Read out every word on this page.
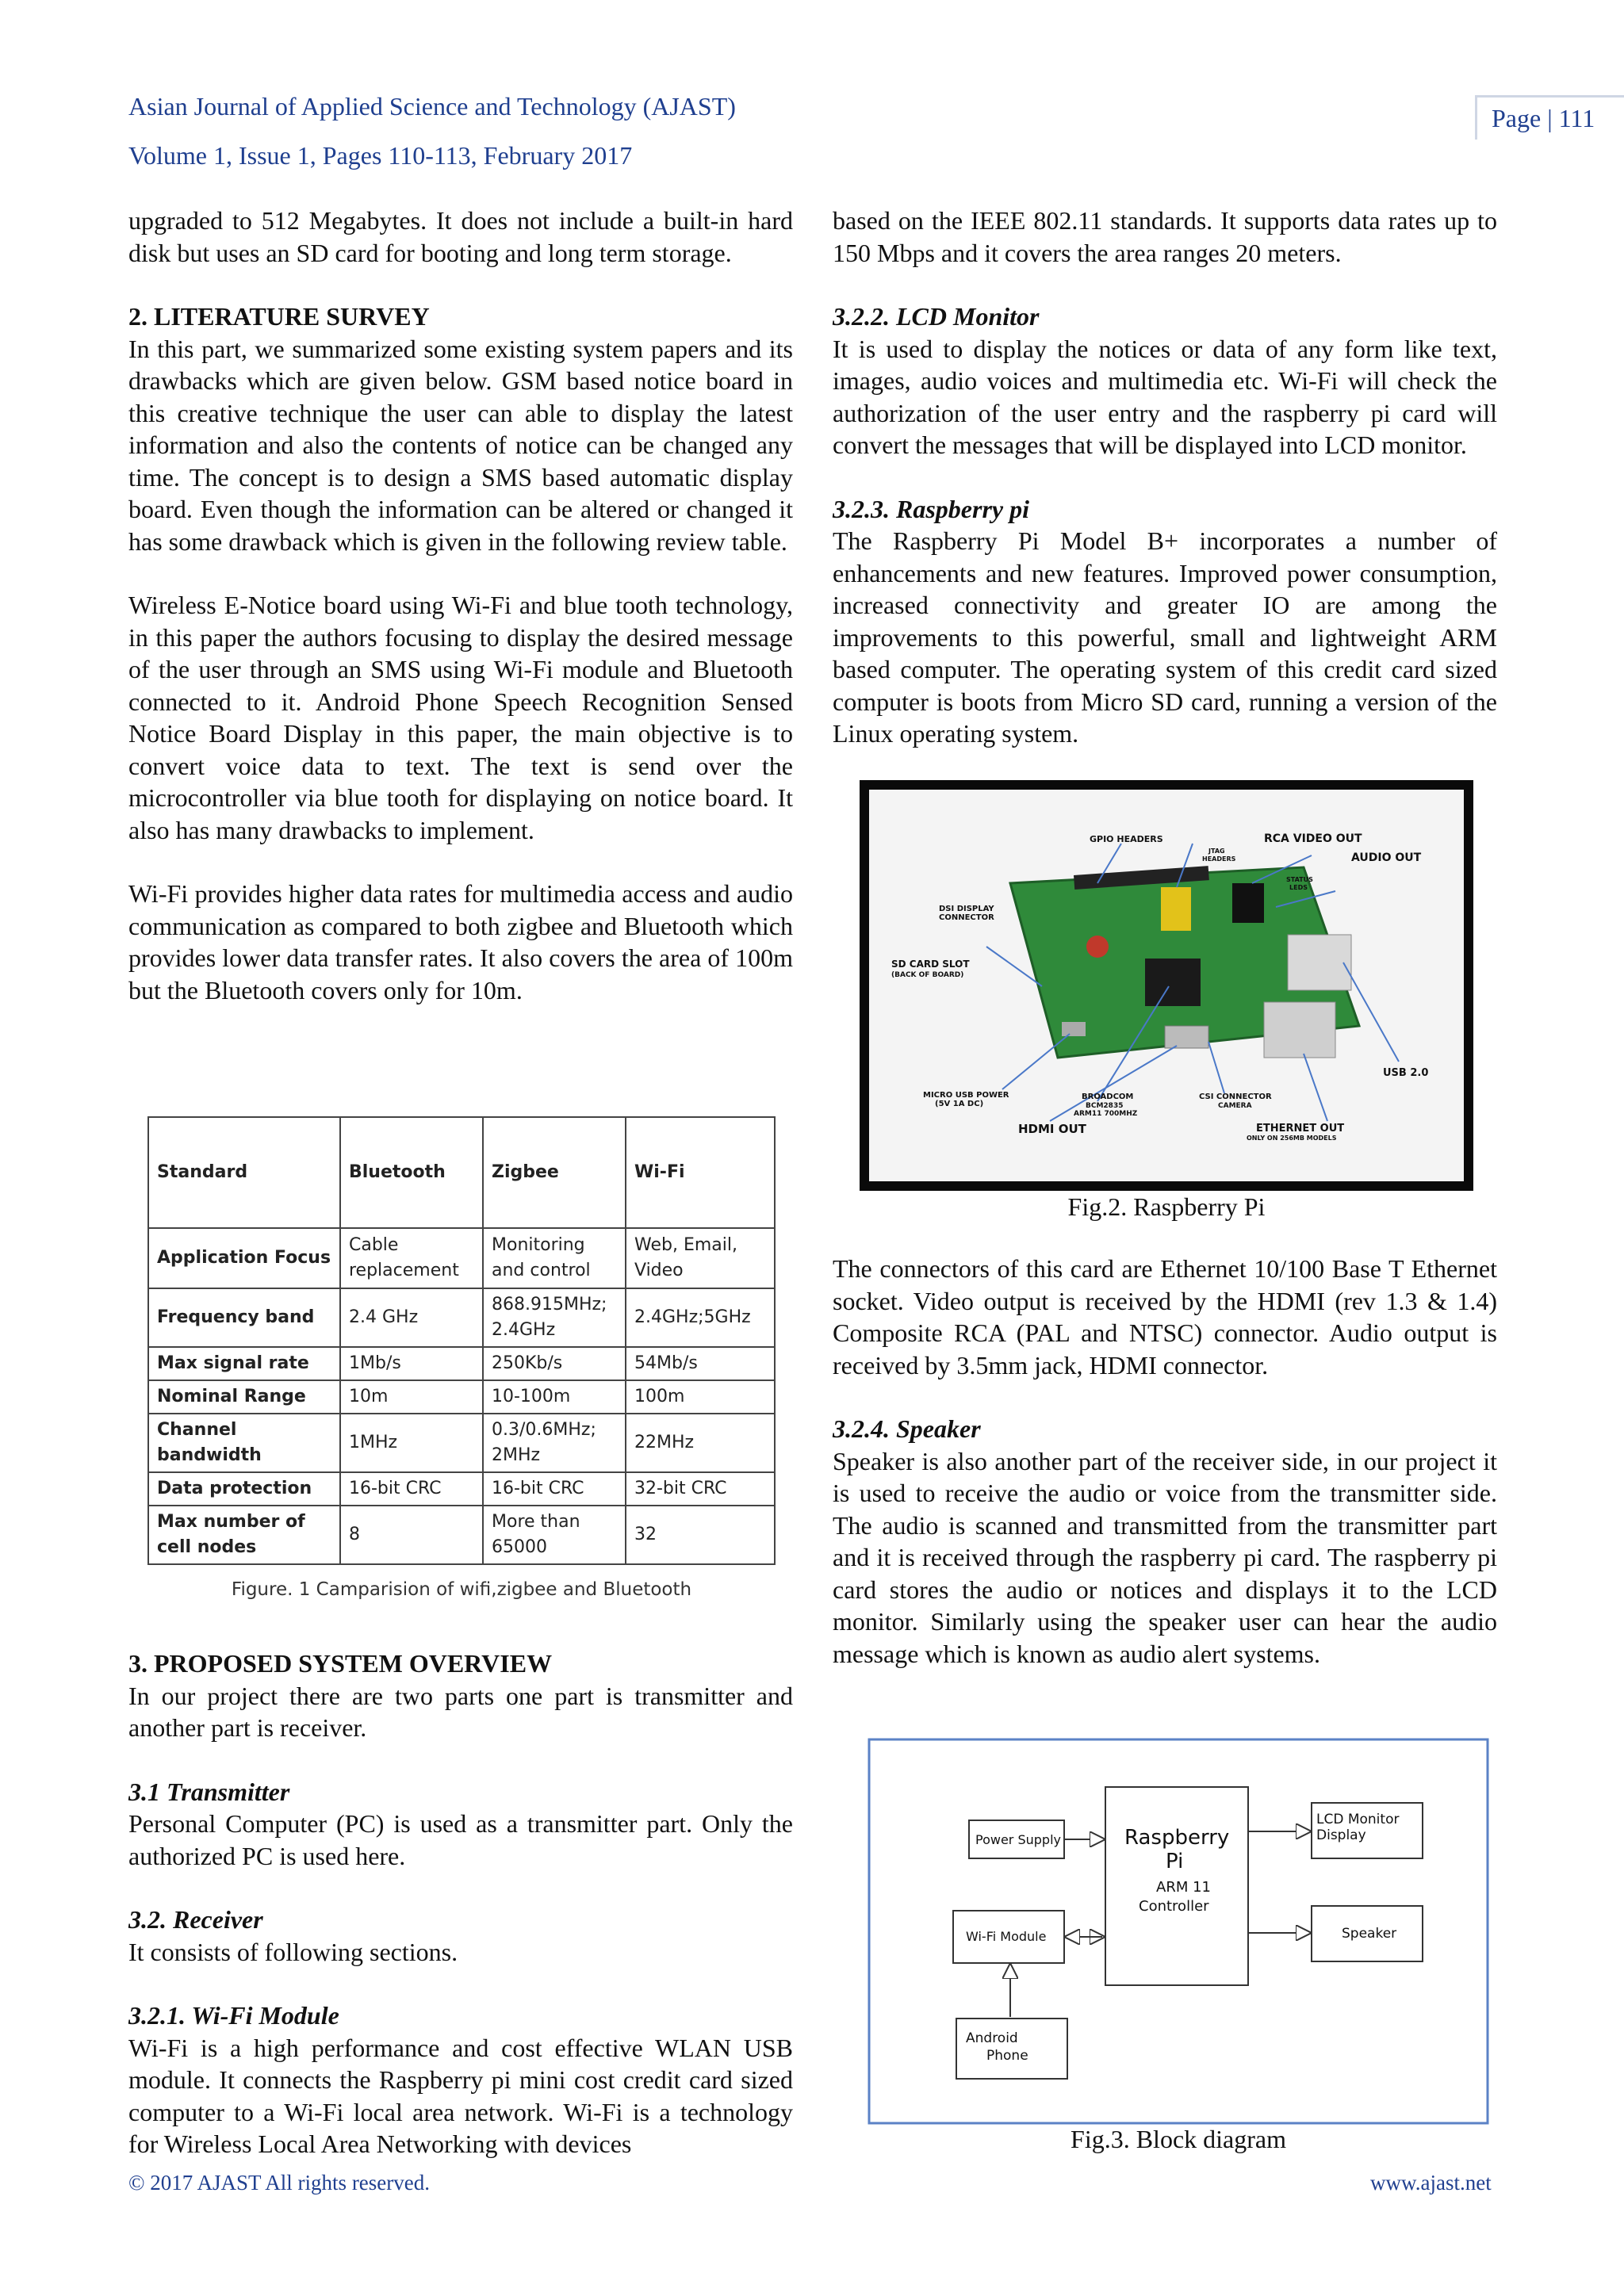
Asian Journal of Applied Science and Technology (AJAST)
Volume 1, Issue 1, Pages 110-113, February 2017
Page | 111

upgraded to 512 Megabytes. It does not include a built-in hard disk but uses an SD card for booting and long term storage.

2. LITERATURE SURVEY

In this part, we summarized some existing system papers and its drawbacks which are given below. GSM based notice board in this creative technique the user can able to display the latest information and also the contents of notice can be changed any time. The concept is to design a SMS based automatic display board. Even though the information can be altered or changed it has some drawback which is given in the following review table.

Wireless E-Notice board using Wi-Fi and blue tooth technology, in this paper the authors focusing to display the desired message of the user through an SMS using Wi-Fi module and Bluetooth connected to it. Android Phone Speech Recognition Sensed Notice Board Display in this paper, the main objective is to convert voice data to text. The text is send over the microcontroller via blue tooth for displaying on notice board. It also has many drawbacks to implement.

Wi-Fi provides higher data rates for multimedia access and audio communication as compared to both zigbee and Bluetooth which provides lower data transfer rates. It also covers the area of 100m but the Bluetooth covers only for 10m.

Standard	Bluetooth	Zigbee	Wi-Fi
Application Focus	Cable replacement	Monitoring and control	Web, Email, Video
Frequency band	2.4 GHz	868.915MHz; 2.4GHz	2.4GHz;5GHz
Max signal rate	1Mb/s	250Kb/s	54Mb/s
Nominal Range	10m	10-100m	100m
Channel bandwidth	1MHz	0.3/0.6MHz; 2MHz	22MHz
Data protection	16-bit CRC	16-bit CRC	32-bit CRC
Max number of cell nodes	8	More than 65000	32
Figure. 1 Camparision of wifi,zigbee and Bluetooth

3. PROPOSED SYSTEM OVERVIEW

In our project there are two parts one part is transmitter and another part is receiver.

3.1 Transmitter

Personal Computer (PC) is used as a transmitter part. Only the authorized PC is used here.

3.2. Receiver

It consists of following sections.

3.2.1. Wi-Fi Module

Wi-Fi is a high performance and cost effective WLAN USB module. It connects the Raspberry pi mini cost credit card sized computer to a Wi-Fi local area network. Wi-Fi is a technology for Wireless Local Area Networking with devices

based on the IEEE 802.11 standards. It supports data rates up to 150 Mbps and it covers the area ranges 20 meters.

3.2.2. LCD Monitor

It is used to display the notices or data of any form like text, images, audio voices and multimedia etc. Wi-Fi will check the authorization of the user entry and the raspberry pi card will convert the messages that will be displayed into LCD monitor.

3.2.3. Raspberry pi

The Raspberry Pi Model B+ incorporates a number of enhancements and new features. Improved power consumption, increased connectivity and greater IO are among the improvements to this powerful, small and lightweight ARM based computer. The operating system of this credit card sized computer is boots from Micro SD card, running a version of the Linux operating system.

GPIO HEADERS	RCA VIDEO OUT
JTAG
HEADERS	AUDIO OUT
STATUS
LEDS
DSI DISPLAY
CONNECTOR
SD CARD SLOT
(BACK OF BOARD)
USB 2.0
MICRO USB POWER
(5V 1A DC)
BROADCOM
BCM2835
ARM11 700MHZ
CSI CONNECTOR
CAMERA
HDMI OUT	ETHERNET OUT
ONLY ON 256MB MODELS
Fig.2. Raspberry Pi

The connectors of this card are Ethernet 10/100 Base T Ethernet socket. Video output is received by the HDMI (rev 1.3 & 1.4) Composite RCA (PAL and NTSC) connector. Audio output is received by 3.5mm jack, HDMI connector.

3.2.4. Speaker

Speaker is also another part of the receiver side, in our project it is used to receive the audio or voice from the transmitter side. The audio is scanned and transmitted from the transmitter part and it is received through the raspberry pi card. The raspberry pi card stores the audio or notices and displays it to the LCD monitor. Similarly using the speaker user can hear the audio message which is known as audio alert systems.

Power Supply	Raspberry
Pi
ARM 11
Controller
LCD Monitor
Display
Speaker
Wi-Fi Module
Android
Phone
Fig.3. Block diagram
© 2017 AJAST All rights reserved.	www.ajast.net
